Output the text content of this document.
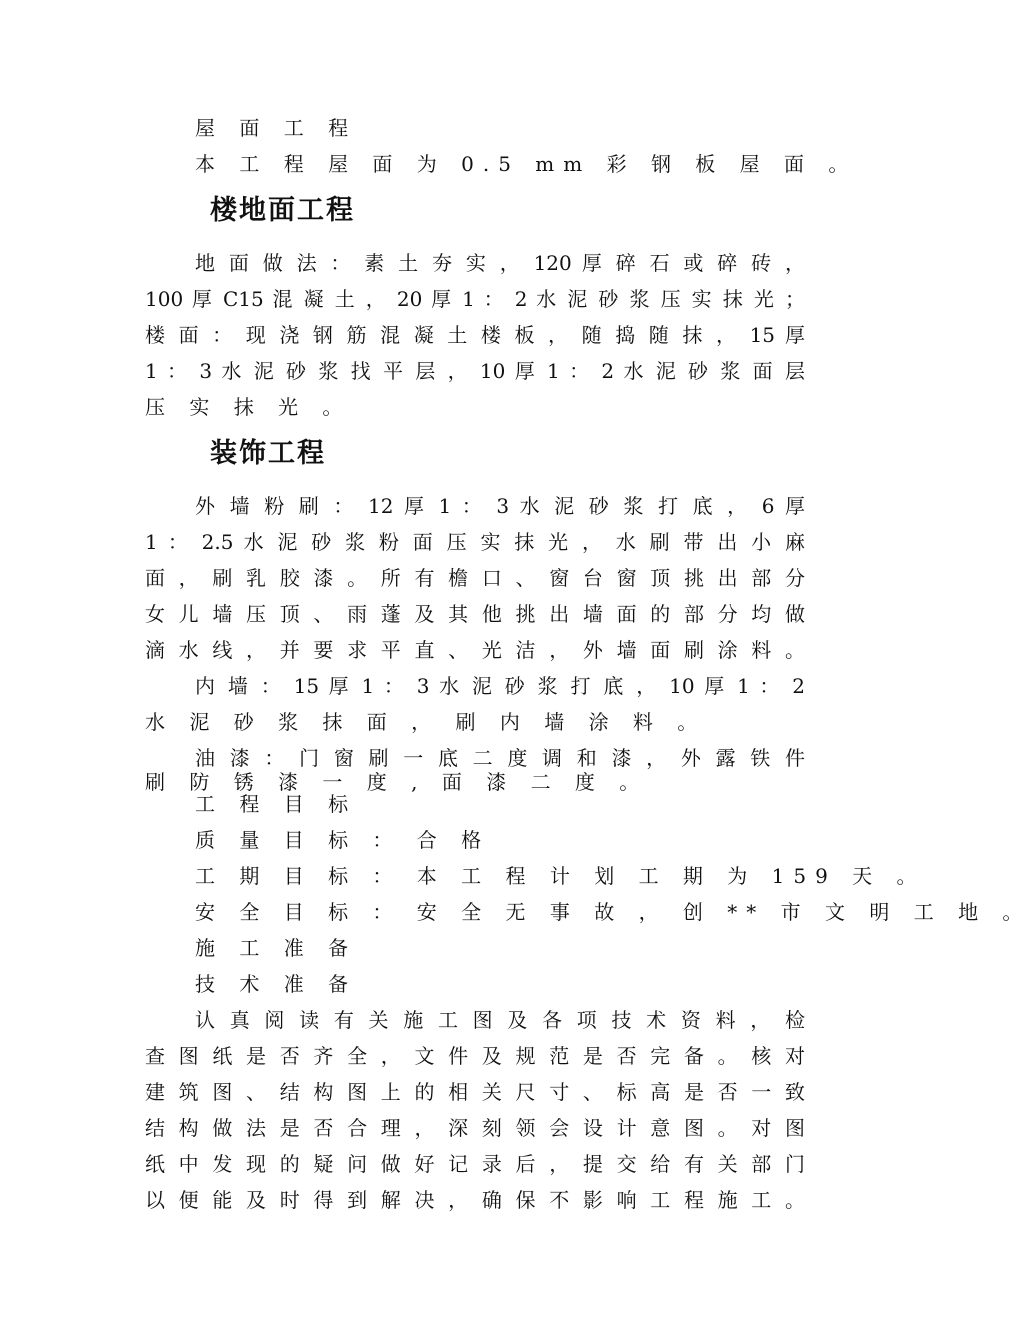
屋 面 工 程
本 工 程 屋 面 为 0.5 mm 彩 钢 板 屋 面 。
楼地面工程
地 面 做 法 ： 素 土 夯 实 ， 120 厚 碎 石 或 碎 砖 ，
100 厚 C15 混 凝 土 ， 20 厚 1 ： 2 水 泥 砂 浆 压 实 抹 光 ；
楼 面 ： 现 浇 钢 筋 混 凝 土 楼 板 ， 随 捣 随 抹 ， 15 厚
1 ： 3 水 泥 砂 浆 找 平 层 ， 10 厚 1 ： 2 水 泥 砂 浆 面 层
压 实 抹 光 。
装饰工程
外 墙 粉 刷 ： 12 厚 1 ： 3 水 泥 砂 浆 打 底 ， 6 厚
1 ： 2.5 水 泥 砂 浆 粉 面 压 实 抹 光 ， 水 刷 带 出 小 麻
面 ， 刷 乳 胶 漆 。 所 有 檐 口 、 窗 台 窗 顶 挑 出 部 分
女 儿 墙 压 顶 、 雨 蓬 及 其 他 挑 出 墙 面 的 部 分 均 做
滴 水 线 ， 并 要 求 平 直 、 光 洁 ， 外 墙 面 刷 涂 料 。
内 墙 ： 15 厚 1 ： 3 水 泥 砂 浆 打 底 ， 10 厚 1 ： 2
水 泥 砂 浆 抹 面 ， 刷 内 墙 涂 料 。
油 漆 ： 门 窗 刷 一 底 二 度 调 和 漆 ， 外 露 铁 件
刷 防 锈 漆 一 度 , 面 漆 二 度 。
工 程 目 标
质 量 目 标 ： 合 格
工 期 目 标 ： 本 工 程 计 划 工 期 为 159 天 。
安 全 目 标 ： 安 全 无 事 故 ， 创 ** 市 文 明 工 地 。
施 工 准 备
技 术 准 备
认 真 阅 读 有 关 施 工 图 及 各 项 技 术 资 料 ， 检
查 图 纸 是 否 齐 全 ， 文 件 及 规 范 是 否 完 备 。 核 对
建 筑 图 、 结 构 图 上 的 相 关 尺 寸 、 标 高 是 否 一 致
结 构 做 法 是 否 合 理 ， 深 刻 领 会 设 计 意 图 。 对 图
纸 中 发 现 的 疑 问 做 好 记 录 后 ， 提 交 给 有 关 部 门
以 便 能 及 时 得 到 解 决 ， 确 保 不 影 响 工 程 施 工 。
